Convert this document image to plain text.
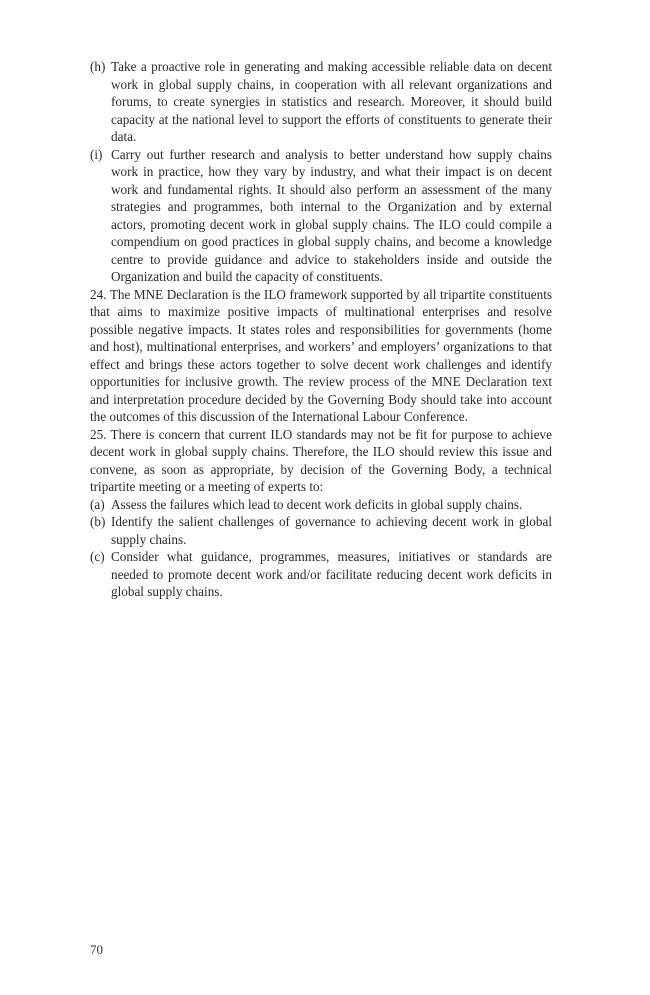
(h) Take a proactive role in generating and making accessible reliable data on decent work in global supply chains, in cooperation with all relevant organizations and forums, to create synergies in statistics and research. Moreover, it should build capacity at the national level to support the efforts of constituents to generate their data.
(i) Carry out further research and analysis to better understand how supply chains work in practice, how they vary by industry, and what their impact is on decent work and fundamental rights. It should also perform an assessment of the many strategies and programmes, both internal to the Organization and by external actors, promoting decent work in global supply chains. The ILO could compile a compendium on good practices in global supply chains, and become a knowledge centre to provide guidance and advice to stakeholders inside and outside the Organization and build the capacity of constituents.

24. The MNE Declaration is the ILO framework supported by all tripartite constituents that aims to maximize positive impacts of multinational enterprises and resolve possible negative impacts. It states roles and responsibilities for governments (home and host), multinational enterprises, and workers’ and employers’ organizations to that effect and brings these actors together to solve decent work challenges and identify opportunities for inclusive growth. The review process of the MNE Declaration text and interpretation procedure decided by the Governing Body should take into account the outcomes of this discussion of the International Labour Conference.

25. There is concern that current ILO standards may not be fit for purpose to achieve decent work in global supply chains. Therefore, the ILO should review this issue and convene, as soon as appropriate, by decision of the Governing Body, a technical tripartite meeting or a meeting of experts to:

(a) Assess the failures which lead to decent work deficits in global supply chains.
(b) Identify the salient challenges of governance to achieving decent work in global supply chains.
(c) Consider what guidance, programmes, measures, initiatives or standards are needed to promote decent work and/or facilitate reducing decent work deficits in global supply chains.
70
